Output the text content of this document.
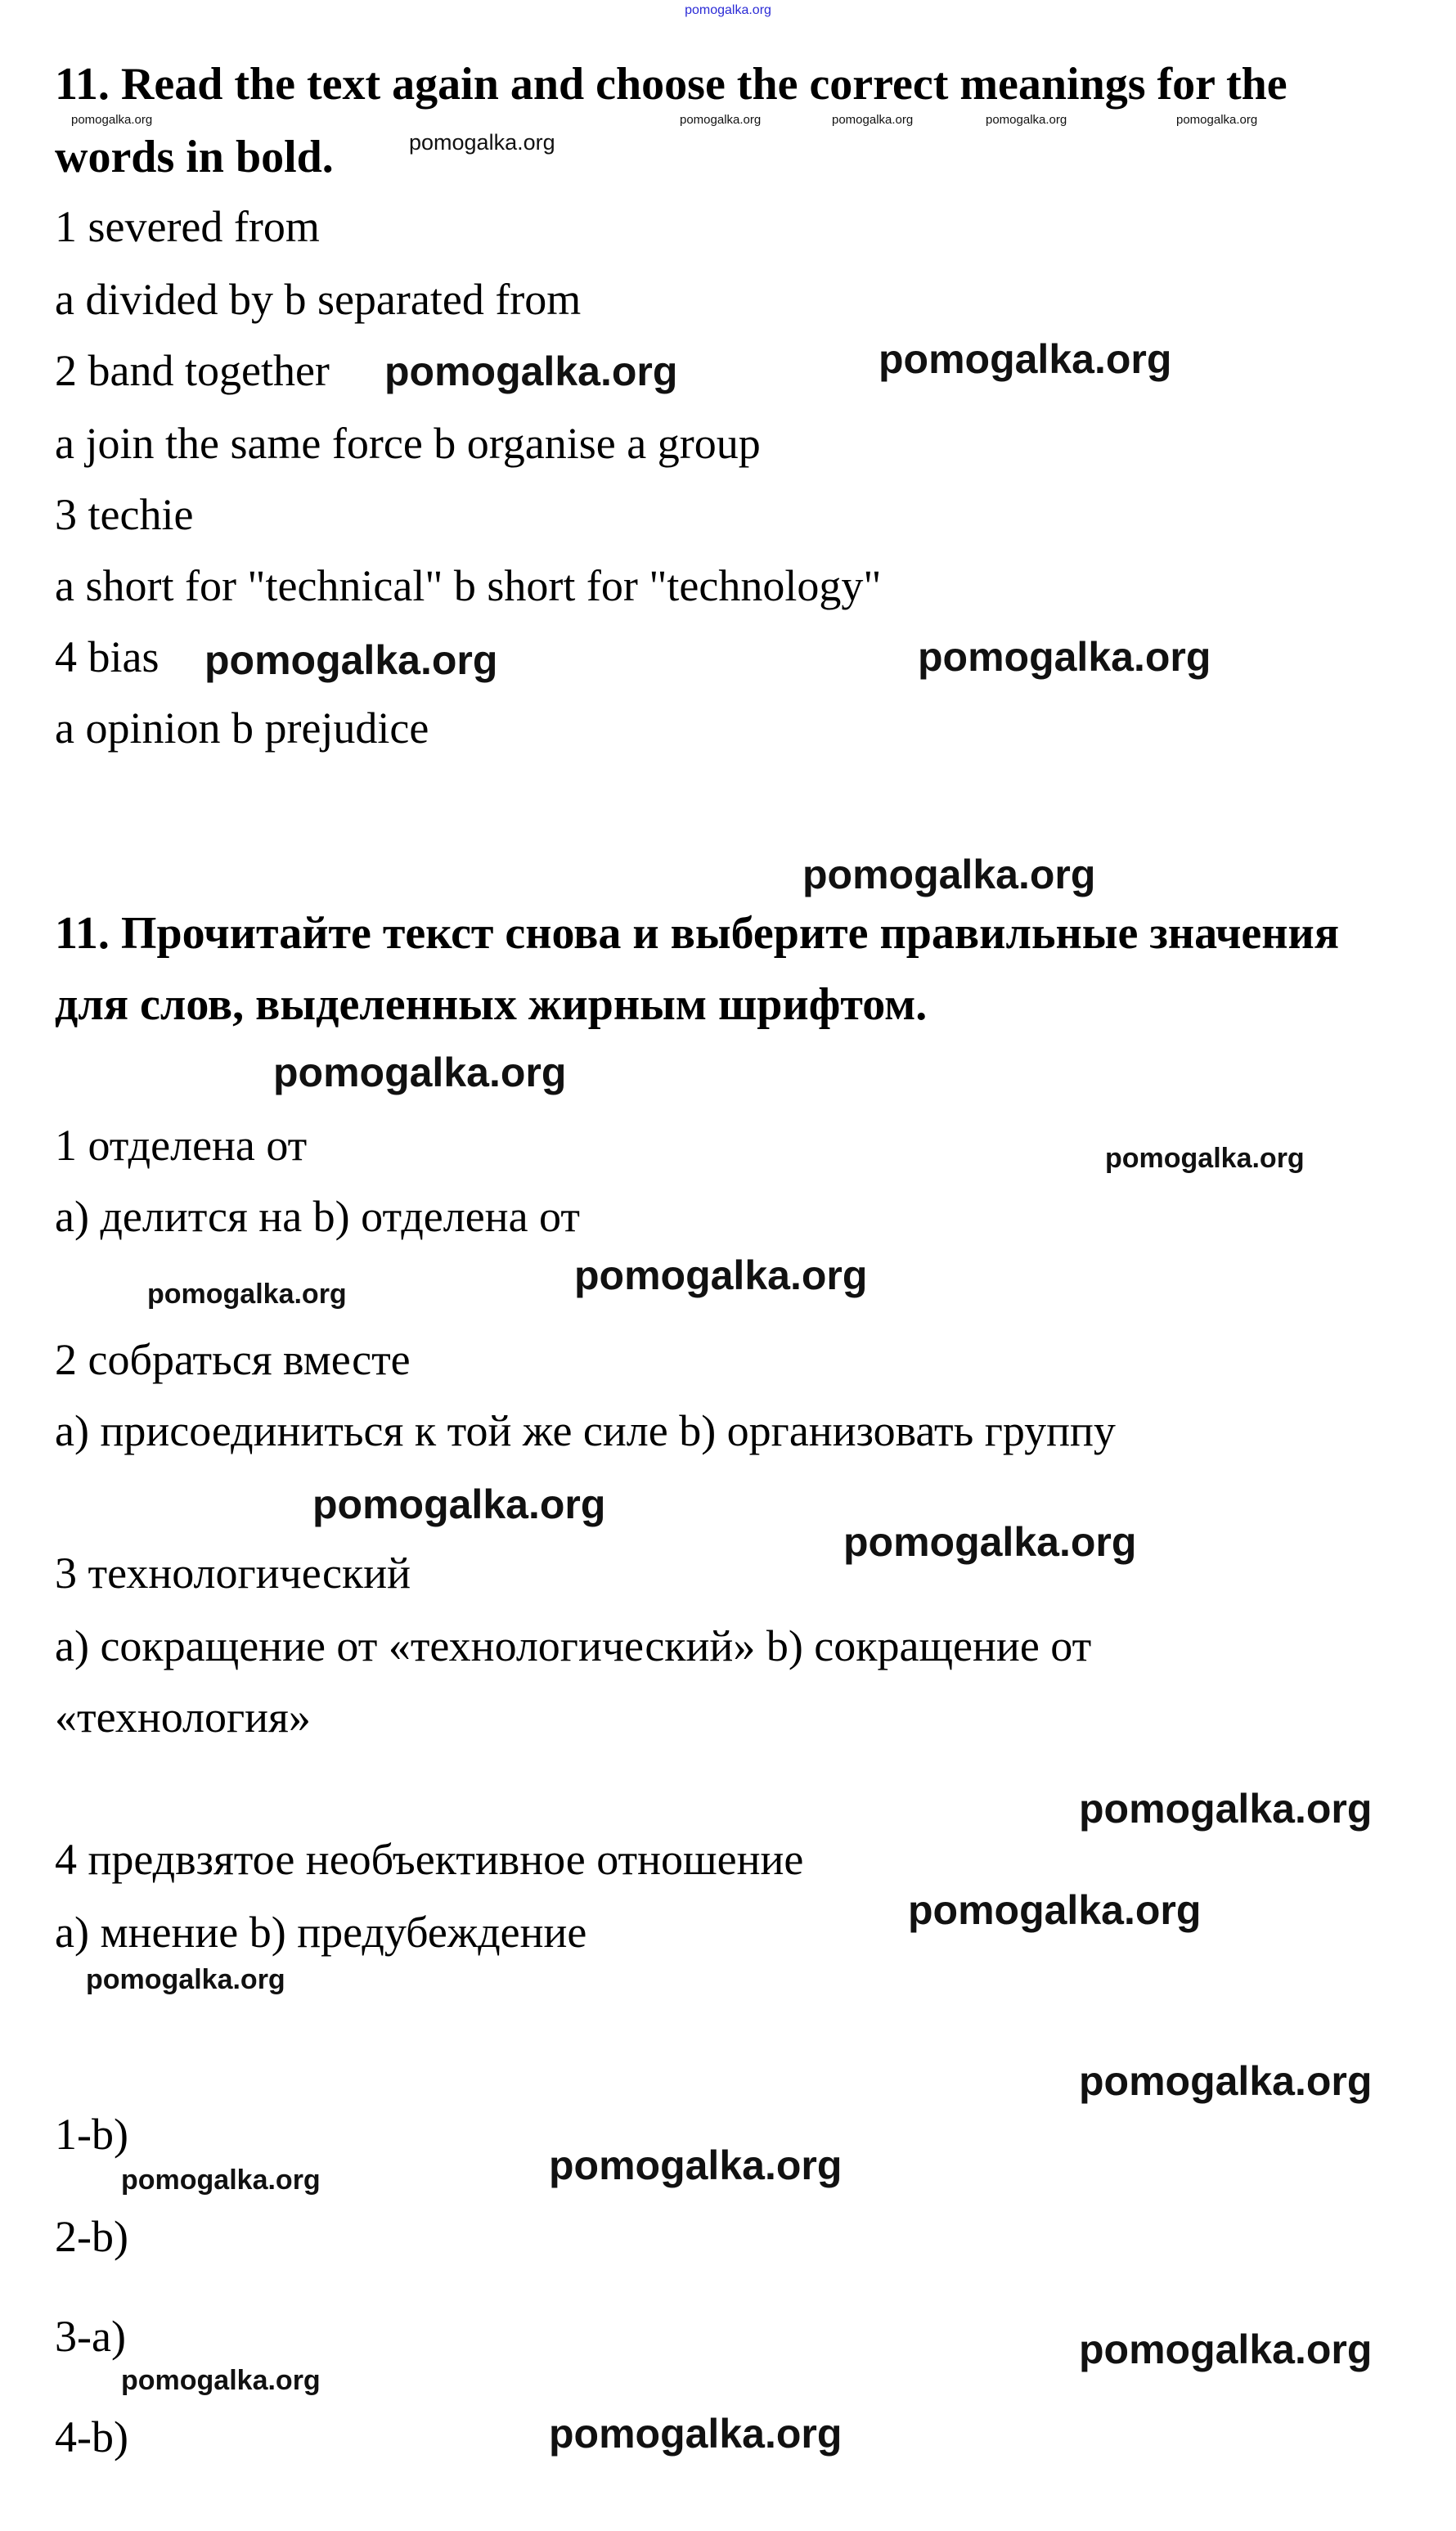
pomogalka.org
11. Read the text again and choose the correct meanings for the
words in bold.
1 severed from
a divided by b separated from
2 band together
a join the same force b organise a group
3 techie
a short for "technical" b short for "technology"
4 bias
a opinion b prejudice
11. Прочитайте текст снова и выберите правильные значения
для слов, выделенных жирным шрифтом.
1 отделена от
a) делится на b) отделена от
2 собраться вместе
a) присоединиться к той же силе b) организовать группу
3 технологический
a) сокращение от «технологический» b) сокращение от
«технология»
4 предвзятое необъективное отношение
a) мнение b) предубеждение
1-b)
2-b)
3-a)
4-b)
pomogalka.org	pomogalka.org	pomogalka.org	pomogalka.org	pomogalka.org
pomogalka.org
pomogalka.org
pomogalka.org
pomogalka.org
pomogalka.org
pomogalka.org
pomogalka.org
pomogalka.org
pomogalka.org
pomogalka.org
pomogalka.org
pomogalka.org
pomogalka.org
pomogalka.org
pomogalka.org
pomogalka.org
pomogalka.org
pomogalka.org
pomogalka.org
pomogalka.org
pomogalka.org
